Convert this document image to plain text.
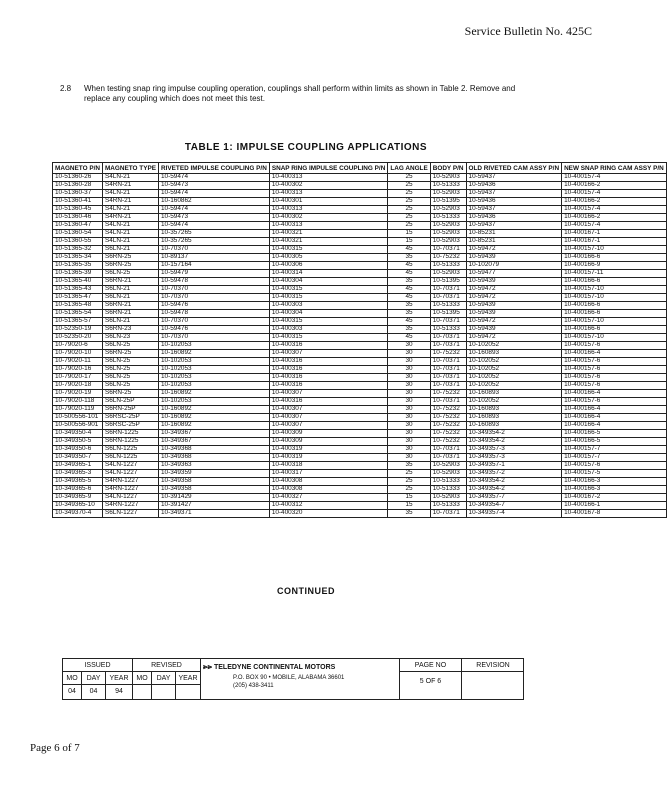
Service Bulletin No. 425C
2.8 When testing snap ring impulse coupling operation, couplings shall perform within limits as shown in Table 2. Remove and replace any coupling which does not meet this test.
TABLE 1: IMPULSE COUPLING APPLICATIONS
MAGNETO P/N	MAGNETO TYPE	RIVETED IMPULSE COUPLING P/N	SNAP RING IMPULSE COUPLING P/N	LAG ANGLE	BODY P/N	OLD RIVETED CAM ASSY P/N	NEW SNAP RING CAM ASSY P/N
10-51360-26	S4LN-21	10-59474	10-400313	25	10-52903	10-59437	10-400157-4
10-51360-28	S4RN-21	10-59473	10-400302	25	10-51333	10-59436	10-400166-2
10-51360-37	S4LN-21	10-59474	10-400313	25	10-52903	10-59437	10-400157-4
10-51360-41	S4RN-21	10-160862	10-400301	25	10-51395	10-59436	10-400166-2
10-51360-45	S4LN-21	10-59474	10-400313	25	10-52903	10-59437	10-400157-4
10-51360-46	S4RN-21	10-59473	10-400302	25	10-51333	10-59436	10-400166-2
10-51360-47	S4LN-21	10-59474	10-400313	25	10-52903	10-59437	10-400157-4
10-51360-54	S4LN-21	10-357265	10-400321	15	10-52903	10-85231	10-400167-1
10-51360-55	S4LN-21	10-357265	10-400321	15	10-52903	10-85231	10-400167-1
10-51365-32	S6LN-21	10-70370	10-400315	45	10-70371	10-59472	10-400157-10
10-51365-34	S6RN-25	10-89137	10-400305	35	10-75232	10-59439	10-400166-6
10-51365-35	S6RN-25	10-157164	10-400306	45	10-51333	10-102079	10-400166-9
10-51365-39	S6LN-25	10-59479	10-400314	45	10-52903	10-59477	10-400157-11
10-51365-40	S6RN-21	10-59478	10-400304	35	10-51395	10-59439	10-400166-6
10-51365-43	S6LN-21	10-70370	10-400315	45	10-70371	10-59472	10-400157-10
10-51365-47	S6LN-21	10-70370	10-400315	45	10-70371	10-59472	10-400157-10
10-51365-48	S6RN-21	10-59476	10-400303	35	10-51333	10-59439	10-400166-6
10-51365-54	S6RN-21	10-59478	10-400304	35	10-51395	10-59439	10-400166-6
10-51365-57	S6LN-21	10-70370	10-400315	45	10-70371	10-59472	10-400157-10
10-52350-19	S6RN-23	10-59476	10-400303	35	10-51333	10-59439	10-400166-6
10-52350-20	S6LN-23	10-70370	10-400315	45	10-70371	10-59472	10-400157-10
10-79020-6	S6LN-25	10-102053	10-400316	30	10-70371	10-102052	10-400157-6
10-79020-10	S6RN-25	10-160892	10-400307	30	10-75232	10-160893	10-400166-4
10-79020-11	S6LN-25	10-102053	10-400316	30	10-70371	10-102052	10-400157-6
10-79020-16	S6LN-25	10-102053	10-400316	30	10-70371	10-102052	10-400157-6
10-79020-17	S6LN-25	10-102053	10-400316	30	10-70371	10-102052	10-400157-6
10-79020-18	S6LN-25	10-102053	10-400316	30	10-70371	10-102052	10-400157-6
10-79020-19	S6RN-25	10-160892	10-400307	30	10-75232	10-160893	10-400166-4
10-79020-118	S6LN-25P	10-102053	10-400316	30	10-70371	10-102052	10-400157-6
10-79020-119	S6RN-25P	10-160892	10-400307	30	10-75232	10-160893	10-400166-4
10-500556-101	S6RSC-25P	10-160892	10-400307	30	10-75232	10-160893	10-400166-4
10-500556-901	S6RSC-25P	10-160892	10-400307	30	10-75232	10-160893	10-400166-4
10-349350-4	S6RN-1225	10-349367	10-400309	30	10-75232	10-349354-2	10-400166-5
10-349350-5	S6RN-1225	10-349367	10-400309	30	10-75232	10-349354-2	10-400166-5
10-349350-6	S6LN-1225	10-349368	10-400319	30	10-70371	10-349357-3	10-400157-7
10-349350-7	S6LN-1225	10-349368	10-400319	30	10-70371	10-349357-3	10-400157-7
10-349365-1	S4LN-1227	10-349363	10-400318	35	10-52903	10-349357-1	10-400157-6
10-349365-3	S4LN-1227	10-349359	10-400317	25	10-52903	10-349357-2	10-400157-5
10-349365-5	S4RN-1227	10-349358	10-400308	25	10-51333	10-349354-2	10-400166-3
10-349365-6	S4RN-1227	10-349358	10-400308	25	10-51333	10-349354-2	10-400166-3
10-349365-9	S4LN-1227	10-391429	10-400327	15	10-52903	10-349357-7	10-400167-2
10-349365-10	S4RN-1227	10-391427	10-400312	15	10-51333	10-349354-7	10-400166-1
10-349370-4	S6LN-1227	10-349371	10-400320	35	10-70371	10-349357-4	10-400167-8
CONTINUED
ISSUED	REVISED
MO	DAY	YEAR	MO	DAY	YEAR
04	04	94
⩺⩺ TELEDYNE CONTINENTAL MOTORS
P.O. BOX 90 • MOBILE, ALABAMA 36601
(205) 438-3411
PAGE NO	REVISION
5 OF 6
Page 6 of 7
